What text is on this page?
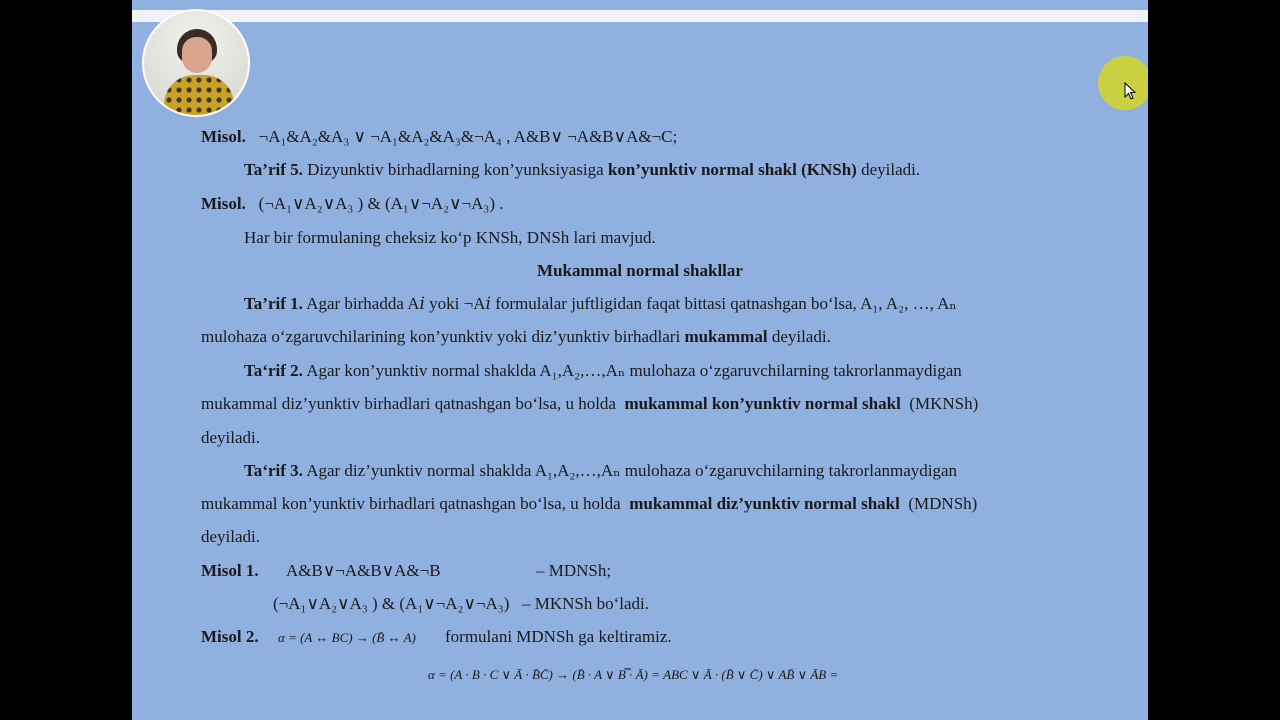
Misol. ¬A₁&A₂&A₃ ∨ ¬A₁&A₂&A₃&¬A₄ , A&B∨ ¬A&B∨A&¬C;
Ta’rif 5. Dizyunktiv birhadlarning kon’yunksiyasiga kon’yunktiv normal shakl (KNSh) deyiladi.
Misol. (¬A₁∨A₂∨A₃ ) & (A₁∨¬A₂∨¬A₃) .
Har bir formulaning cheksiz ko‘p KNSh, DNSh lari mavjud.
Mukammal normal shakllar
Ta’rif 1. Agar birhadda A𝑖 yoki ¬A𝑖 formulalar juftligidan faqat bittasi qatnashgan bo‘lsa, A₁, A₂, …, Aₙ
mulohaza o‘zgaruvchilarining kon’yunktiv yoki diz’yunktiv birhadlari mukammal deyiladi.
Ta‘rif 2. Agar kon’yunktiv normal shaklda A₁,A₂,…,Aₙ mulohaza o‘zgaruvchilarning takrorlanmaydigan
mukammal diz’yunktiv birhadlari qatnashgan bo‘lsa, u holda mukammal kon’yunktiv normal shakl (MKNSh)
deyiladi.
Ta‘rif 3. Agar diz’yunktiv normal shaklda A₁,A₂,…,Aₙ mulohaza o‘zgaruvchilarning takrorlanmaydigan
mukammal kon’yunktiv birhadlari qatnashgan bo‘lsa, u holda mukammal diz’yunktiv normal shakl (MDNSh)
deyiladi.
Misol 1. A&B∨¬A&B∨A&¬B	– MDNSh;
(¬A₁∨A₂∨A₃ ) & (A₁∨¬A₂∨¬A₃) – MKNSh bo‘ladi.
Misol 2. α = (A ↔ BC) → (B̄ ↔ A) formulani MDNSh ga keltiramiz.
α = (A · B · C ∨ Ā · B̄C̄) → (B̄ · A ∨ B̿ · Ā) = ABC ∨ Ā · (B̄ ∨ C̄) ∨ AB̄ ∨ ĀB =
